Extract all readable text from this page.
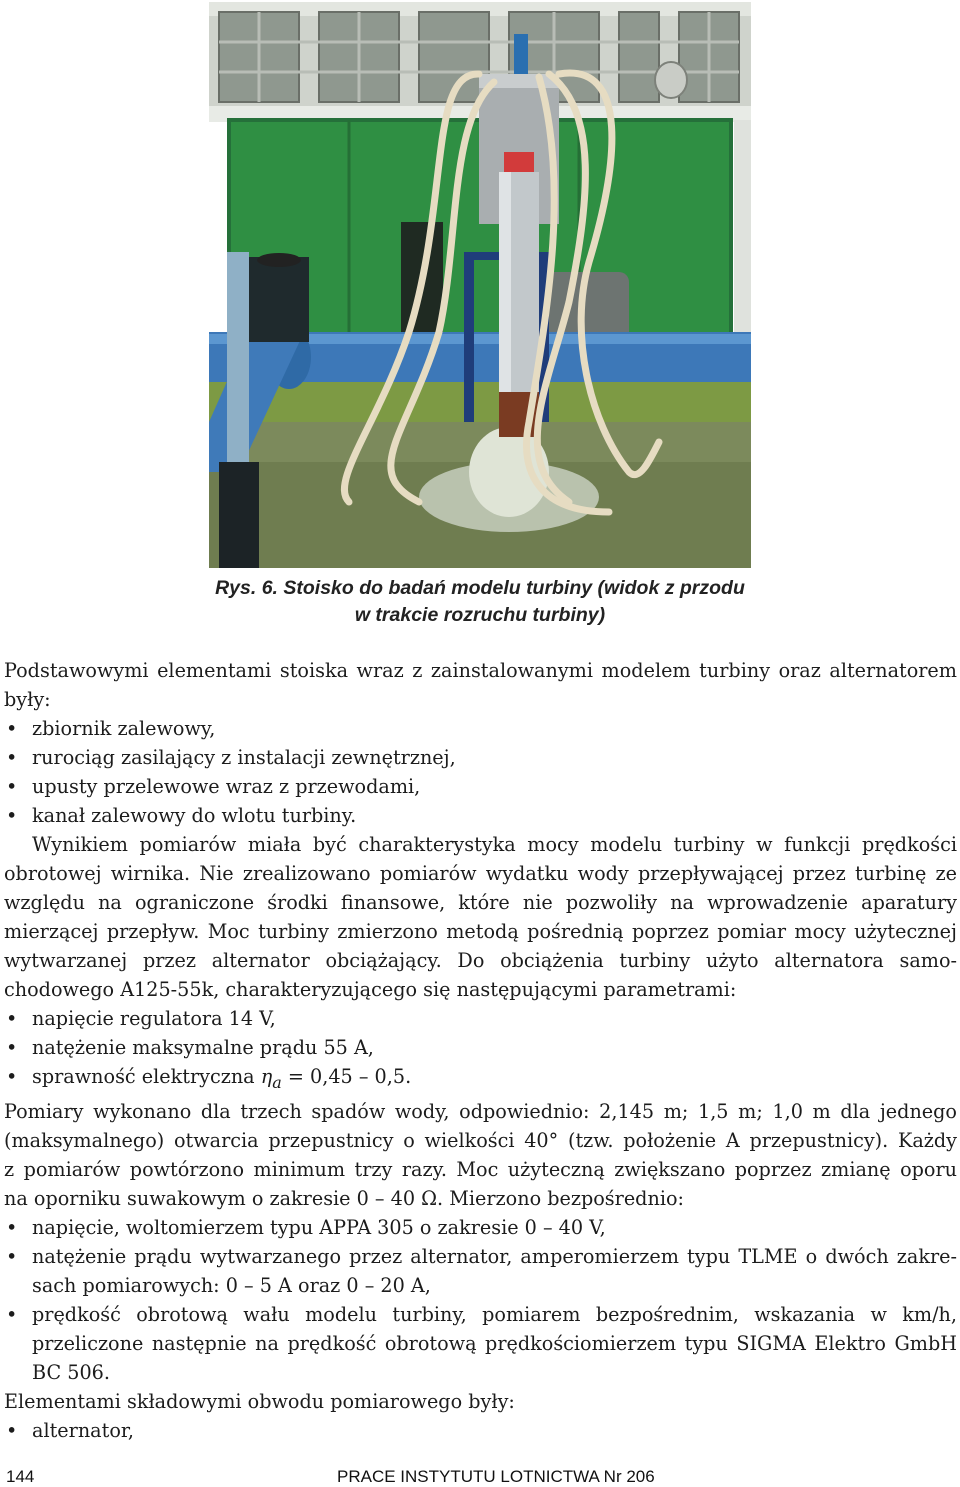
Rys. 6. Stoisko do badań modelu turbiny (widok z przodu
w trakcie rozruchu turbiny)
Podstawowymi elementami stoiska wraz z zainstalowanymi modelem turbiny oraz alternatorem
były:
• zbiornik zalewowy,
• rurociąg zasilający z instalacji zewnętrznej,
• upusty przelewowe wraz z przewodami,
• kanał zalewowy do wlotu turbiny.
Wynikiem pomiarów miała być charakterystyka mocy modelu turbiny w funkcji prędkości
obrotowej wirnika. Nie zrealizowano pomiarów wydatku wody przepływającej przez turbinę ze
względu na ograniczone środki finansowe, które nie pozwoliły na wprowadzenie aparatury
mierzącej przepływ. Moc turbiny zmierzono metodą pośrednią poprzez pomiar mocy użytecznej
wytwarzanej przez alternator obciążający. Do obciążenia turbiny użyto alternatora samo-
chodowego A125-55k, charakteryzującego się następującymi parametrami:
• napięcie regulatora 14 V,
• natężenie maksymalne prądu 55 A,
• sprawność elektryczna $\eta_a = 0,45 - 0,5$.
Pomiary wykonano dla trzech spadów wody, odpowiednio: 2,145 m; 1,5 m; 1,0 m dla jednego
(maksymalnego) otwarcia przepustnicy o wielkości 40° (tzw. położenie A przepustnicy). Każdy
z pomiarów powtórzono minimum trzy razy. Moc użyteczną zwiększano poprzez zmianę oporu
na oporniku suwakowym o zakresie 0 – 40 Ω. Mierzono bezpośrednio:
• napięcie, woltomierzem typu APPA 305 o zakresie 0 – 40 V,
• natężenie prądu wytwarzanego przez alternator, amperomierzem typu TLME o dwóch zakre-
sach pomiarowych: 0 – 5 A oraz 0 – 20 A,
• prędkość obrotową wału modelu turbiny, pomiarem bezpośrednim, wskazania w km/h,
przeliczone następnie na prędkość obrotową prędkościomierzem typu SIGMA Elektro GmbH
BC 506.
Elementami składowymi obwodu pomiarowego były:
• alternator,
144	PRACE INSTYTUTU LOTNICTWA Nr 206
